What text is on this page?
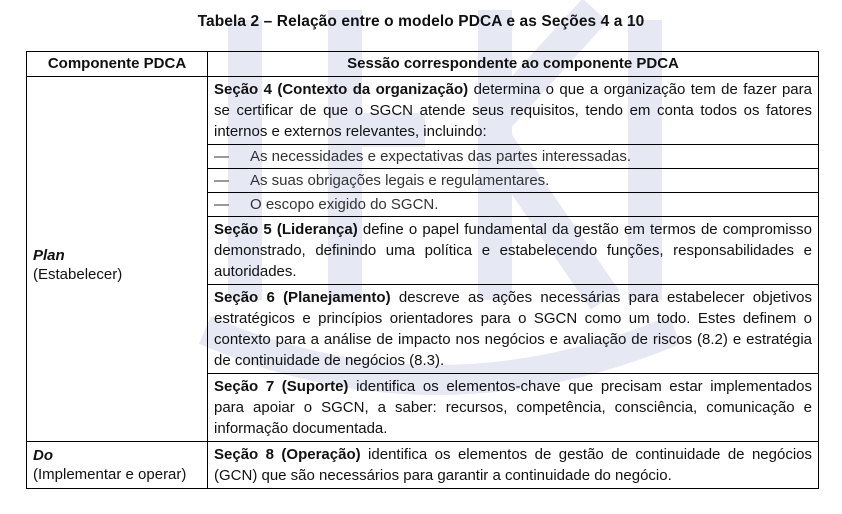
Tabela 2 – Relação entre o modelo PDCA e as Seções 4 a 10
Componente PDCA	Sessão correspondente ao componente PDCA

Plan
(Estabelecer)	Seção 4 (Contexto da organização) determina o que a organização tem de fazer para se certificar de que o SGCN atende seus requisitos, tendo em conta todos os fatores internos e externos relevantes, incluindo:

	— As necessidades e expectativas das partes interessadas.

	— As suas obrigações legais e regulamentares.

	— O escopo exigido do SGCN.

	Seção 5 (Liderança) define o papel fundamental da gestão em termos de compromisso demonstrado, definindo uma política e estabelecendo funções, responsabilidades e autoridades.

	Seção 6 (Planejamento) descreve as ações necessárias para estabelecer objetivos estratégicos e princípios orientadores para o SGCN como um todo. Estes definem o contexto para a análise de impacto nos negócios e avaliação de riscos (8.2) e estratégia de continuidade de negócios (8.3).

	Seção 7 (Suporte) identifica os elementos-chave que precisam estar implementados para apoiar o SGCN, a saber: recursos, competência, consciência, comunicação e informação documentada.

Do
(Implementar e operar)	Seção 8 (Operação) identifica os elementos de gestão de continuidade de negócios (GCN) que são necessários para garantir a continuidade do negócio.
